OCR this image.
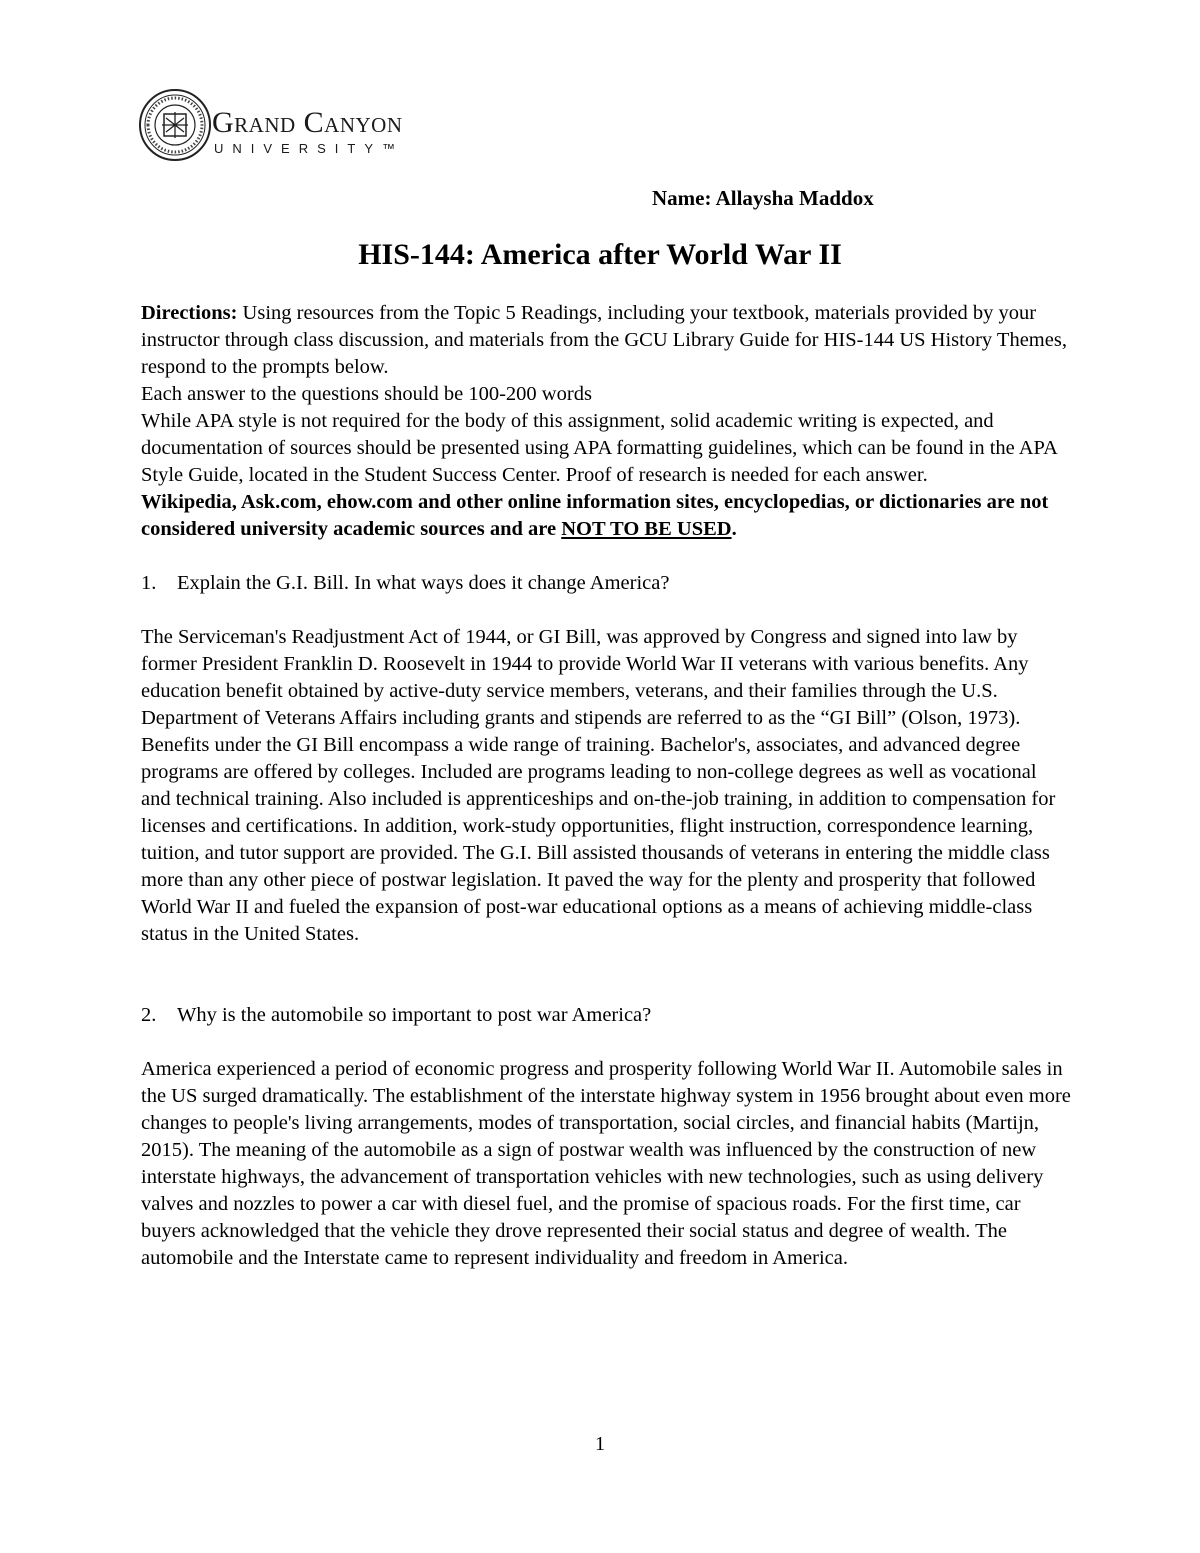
Grand Canyon
UNIVERSITY™
Name: Allaysha Maddox
HIS-144: America after World War II

Directions: Using resources from the Topic 5 Readings, including your textbook, materials provided by your instructor through class discussion, and materials from the GCU Library Guide for HIS-144 US History Themes, respond to the prompts below.

Each answer to the questions should be 100-200 words

While APA style is not required for the body of this assignment, solid academic writing is expected, and documentation of sources should be presented using APA formatting guidelines, which can be found in the APA Style Guide, located in the Student Success Center. Proof of research is needed for each answer.

Wikipedia, Ask.com, ehow.com and other online information sites, encyclopedias, or dictionaries are not considered university academic sources and are NOT TO BE USED.

1.	Explain the G.I. Bill. In what ways does it change America?

The Serviceman's Readjustment Act of 1944, or GI Bill, was approved by Congress and signed into law by former President Franklin D. Roosevelt in 1944 to provide World War II veterans with various benefits. Any education benefit obtained by active-duty service members, veterans, and their families through the U.S. Department of Veterans Affairs including grants and stipends are referred to as the “GI Bill” (Olson, 1973). Benefits under the GI Bill encompass a wide range of training. Bachelor's, associates, and advanced degree programs are offered by colleges. Included are programs leading to non-college degrees as well as vocational and technical training. Also included is apprenticeships and on-the-job training, in addition to compensation for licenses and certifications. In addition, work-study opportunities, flight instruction, correspondence learning, tuition, and tutor support are provided. The G.I. Bill assisted thousands of veterans in entering the middle class more than any other piece of postwar legislation. It paved the way for the plenty and prosperity that followed World War II and fueled the expansion of post-war educational options as a means of achieving middle-class status in the United States.

2.	Why is the automobile so important to post war America?

America experienced a period of economic progress and prosperity following World War II. Automobile sales in the US surged dramatically. The establishment of the interstate highway system in 1956 brought about even more changes to people's living arrangements, modes of transportation, social circles, and financial habits (Martijn, 2015). The meaning of the automobile as a sign of postwar wealth was influenced by the construction of new interstate highways, the advancement of transportation vehicles with new technologies, such as using delivery valves and nozzles to power a car with diesel fuel, and the promise of spacious roads. For the first time, car buyers acknowledged that the vehicle they drove represented their social status and degree of wealth. The automobile and the Interstate came to represent individuality and freedom in America.

1
